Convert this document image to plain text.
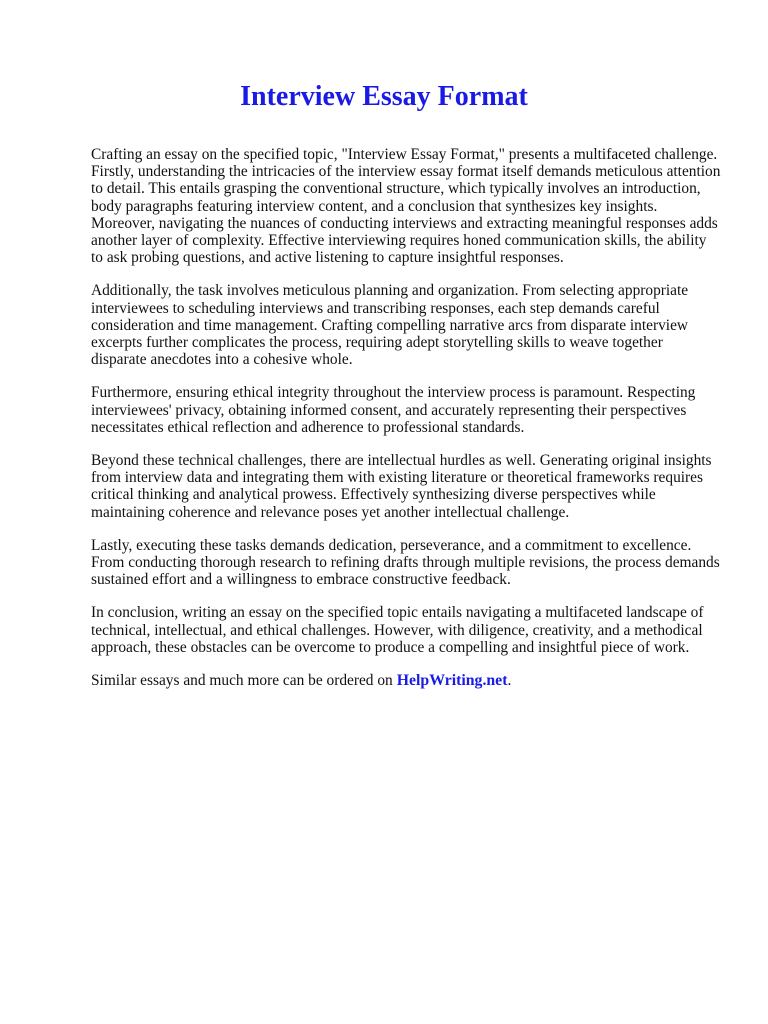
Interview Essay Format

Crafting an essay on the specified topic, "Interview Essay Format," presents a multifaceted challenge. Firstly, understanding the intricacies of the interview essay format itself demands meticulous attention to detail. This entails grasping the conventional structure, which typically involves an introduction, body paragraphs featuring interview content, and a conclusion that synthesizes key insights. Moreover, navigating the nuances of conducting interviews and extracting meaningful responses adds another layer of complexity. Effective interviewing requires honed communication skills, the ability to ask probing questions, and active listening to capture insightful responses.

Additionally, the task involves meticulous planning and organization. From selecting appropriate interviewees to scheduling interviews and transcribing responses, each step demands careful consideration and time management. Crafting compelling narrative arcs from disparate interview excerpts further complicates the process, requiring adept storytelling skills to weave together disparate anecdotes into a cohesive whole.

Furthermore, ensuring ethical integrity throughout the interview process is paramount. Respecting interviewees' privacy, obtaining informed consent, and accurately representing their perspectives necessitates ethical reflection and adherence to professional standards.

Beyond these technical challenges, there are intellectual hurdles as well. Generating original insights from interview data and integrating them with existing literature or theoretical frameworks requires critical thinking and analytical prowess. Effectively synthesizing diverse perspectives while maintaining coherence and relevance poses yet another intellectual challenge.

Lastly, executing these tasks demands dedication, perseverance, and a commitment to excellence. From conducting thorough research to refining drafts through multiple revisions, the process demands sustained effort and a willingness to embrace constructive feedback.

In conclusion, writing an essay on the specified topic entails navigating a multifaceted landscape of technical, intellectual, and ethical challenges. However, with diligence, creativity, and a methodical approach, these obstacles can be overcome to produce a compelling and insightful piece of work.

Similar essays and much more can be ordered on HelpWriting.net.
